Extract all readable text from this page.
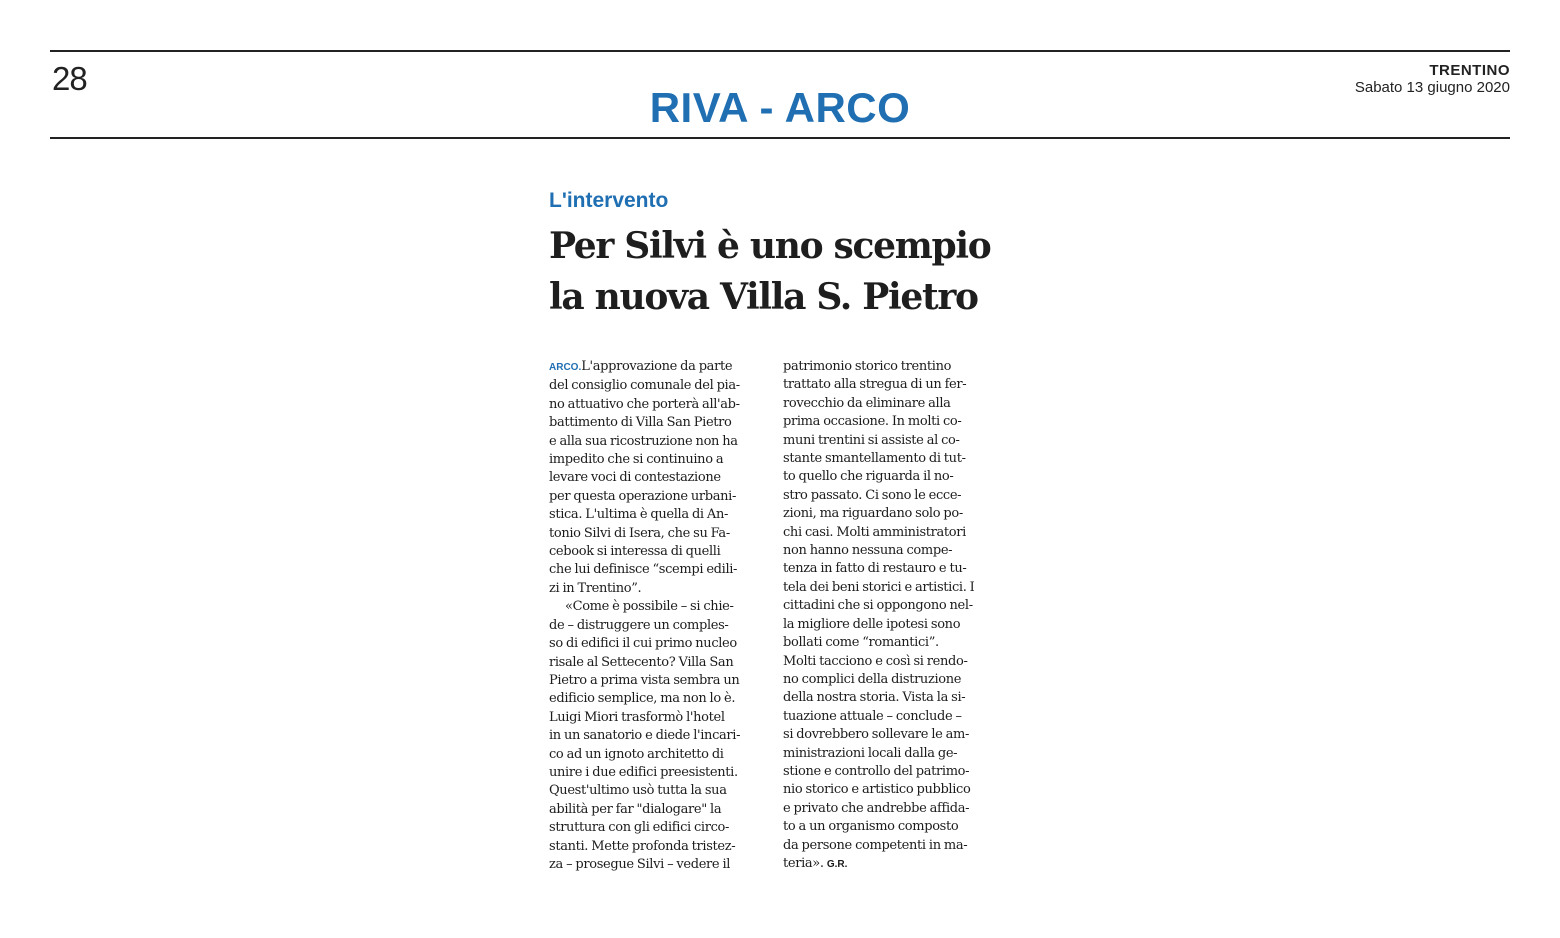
28
RIVA - ARCO
TRENTINO
Sabato 13 giugno 2020
L'intervento
Per Silvi è uno scempio
la nuova Villa S. Pietro
ARCO.L'approvazione da parte
del consiglio comunale del pia-
no attuativo che porterà all'ab-
battimento di Villa San Pietro
e alla sua ricostruzione non ha
impedito che si continuino a
levare voci di contestazione
per questa operazione urbani-
stica. L'ultima è quella di An-
tonio Silvi di Isera, che su Fa-
cebook si interessa di quelli
che lui definisce “scempi edili-
zi in Trentino”.
«Come è possibile – si chie-
de – distruggere un comples-
so di edifici il cui primo nucleo
risale al Settecento? Villa San
Pietro a prima vista sembra un
edificio semplice, ma non lo è.
Luigi Miori trasformò l'hotel
in un sanatorio e diede l'incari-
co ad un ignoto architetto di
unire i due edifici preesistenti.
Quest'ultimo usò tutta la sua
abilità per far "dialogare" la
struttura con gli edifici circo-
stanti. Mette profonda tristez-
za – prosegue Silvi – vedere il
patrimonio storico trentino
trattato alla stregua di un fer-
rovecchio da eliminare alla
prima occasione. In molti co-
muni trentini si assiste al co-
stante smantellamento di tut-
to quello che riguarda il no-
stro passato. Ci sono le ecce-
zioni, ma riguardano solo po-
chi casi. Molti amministratori
non hanno nessuna compe-
tenza in fatto di restauro e tu-
tela dei beni storici e artistici. I
cittadini che si oppongono nel-
la migliore delle ipotesi sono
bollati come “romantici”.
Molti tacciono e così si rendo-
no complici della distruzione
della nostra storia. Vista la si-
tuazione attuale – conclude –
si dovrebbero sollevare le am-
ministrazioni locali dalla ge-
stione e controllo del patrimo-
nio storico e artistico pubblico
e privato che andrebbe affida-
to a un organismo composto
da persone competenti in ma-
teria». G.R.
